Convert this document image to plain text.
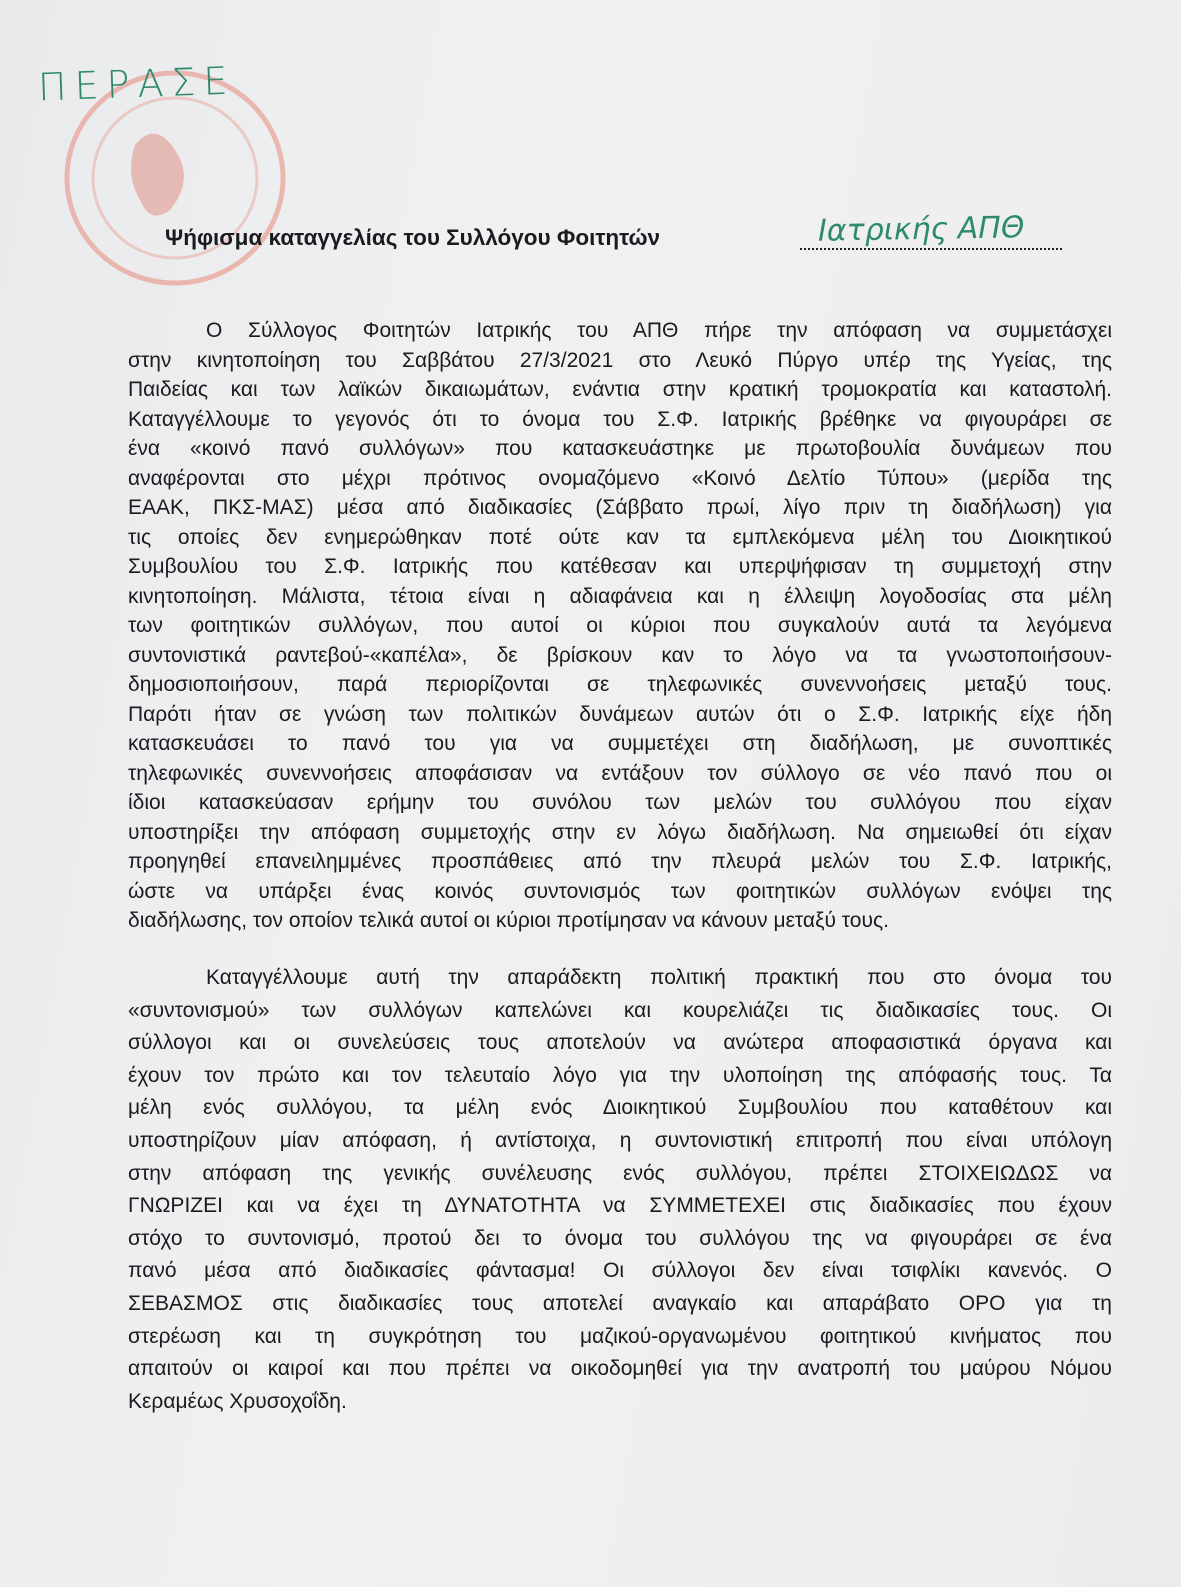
ΠΕΡΑΣΕ
Ψήφισμα καταγγελίας του Συλλόγου Φοιτητών	Ιατρικής ΑΠΘ
Ο Σύλλογος Φοιτητών Ιατρικής του ΑΠΘ πήρε την απόφαση να συμμετάσχει
στην κινητοποίηση του Σαββάτου 27/3/2021 στο Λευκό Πύργο υπέρ της Υγείας, της
Παιδείας και των λαϊκών δικαιωμάτων, ενάντια στην κρατική τρομοκρατία και καταστολή.
Καταγγέλλουμε το γεγονός ότι το όνομα του Σ.Φ. Ιατρικής βρέθηκε να φιγουράρει σε
ένα «κοινό πανό συλλόγων» που κατασκευάστηκε με πρωτοβουλία δυνάμεων που
αναφέρονται στο μέχρι πρότινος ονομαζόμενο «Κοινό Δελτίο Τύπου» (μερίδα της
ΕΑΑΚ, ΠΚΣ-ΜΑΣ) μέσα από διαδικασίες (Σάββατο πρωί, λίγο πριν τη διαδήλωση) για
τις οποίες δεν ενημερώθηκαν ποτέ ούτε καν τα εμπλεκόμενα μέλη του Διοικητικού
Συμβουλίου του Σ.Φ. Ιατρικής που κατέθεσαν και υπερψήφισαν τη συμμετοχή στην
κινητοποίηση. Μάλιστα, τέτοια είναι η αδιαφάνεια και η έλλειψη λογοδοσίας στα μέλη
των φοιτητικών συλλόγων, που αυτοί οι κύριοι που συγκαλούν αυτά τα λεγόμενα
συντονιστικά ραντεβού-«καπέλα», δε βρίσκουν καν το λόγο να τα γνωστοποιήσουν-
δημοσιοποιήσουν, παρά περιορίζονται σε τηλεφωνικές συνεννοήσεις μεταξύ τους.
Παρότι ήταν σε γνώση των πολιτικών δυνάμεων αυτών ότι ο Σ.Φ. Ιατρικής είχε ήδη
κατασκευάσει το πανό του για να συμμετέχει στη διαδήλωση, με συνοπτικές
τηλεφωνικές συνεννοήσεις αποφάσισαν να εντάξουν τον σύλλογο σε νέο πανό που οι
ίδιοι κατασκεύασαν ερήμην του συνόλου των μελών του συλλόγου που είχαν
υποστηρίξει την απόφαση συμμετοχής στην εν λόγω διαδήλωση. Να σημειωθεί ότι είχαν
προηγηθεί επανειλημμένες προσπάθειες από την πλευρά μελών του Σ.Φ. Ιατρικής,
ώστε να υπάρξει ένας κοινός συντονισμός των φοιτητικών συλλόγων ενόψει της
διαδήλωσης, τον οποίον τελικά αυτοί οι κύριοι προτίμησαν να κάνουν μεταξύ τους.
Καταγγέλλουμε αυτή την απαράδεκτη πολιτική πρακτική που στο όνομα του
«συντονισμού» των συλλόγων καπελώνει και κουρελιάζει τις διαδικασίες τους. Οι
σύλλογοι και οι συνελεύσεις τους αποτελούν να ανώτερα αποφασιστικά όργανα και
έχουν τον πρώτο και τον τελευταίο λόγο για την υλοποίηση της απόφασής τους. Τα
μέλη ενός συλλόγου, τα μέλη ενός Διοικητικού Συμβουλίου που καταθέτουν και
υποστηρίζουν μίαν απόφαση, ή αντίστοιχα, η συντονιστική επιτροπή που είναι υπόλογη
στην απόφαση της γενικής συνέλευσης ενός συλλόγου, πρέπει ΣΤΟΙΧΕΙΩΔΩΣ να
ΓΝΩΡΙΖΕΙ και να έχει τη ΔΥΝΑΤΟΤΗΤΑ να ΣΥΜΜΕΤΕΧΕΙ στις διαδικασίες που έχουν
στόχο το συντονισμό, προτού δει το όνομα του συλλόγου της να φιγουράρει σε ένα
πανό μέσα από διαδικασίες φάντασμα! Οι σύλλογοι δεν είναι τσιφλίκι κανενός. Ο
ΣΕΒΑΣΜΟΣ στις διαδικασίες τους αποτελεί αναγκαίο και απαράβατο ΟΡΟ για τη
στερέωση και τη συγκρότηση του μαζικού-οργανωμένου φοιτητικού κινήματος που
απαιτούν οι καιροί και που πρέπει να οικοδομηθεί για την ανατροπή του μαύρου Νόμου
Κεραμέως Χρυσοχοΐδη.
